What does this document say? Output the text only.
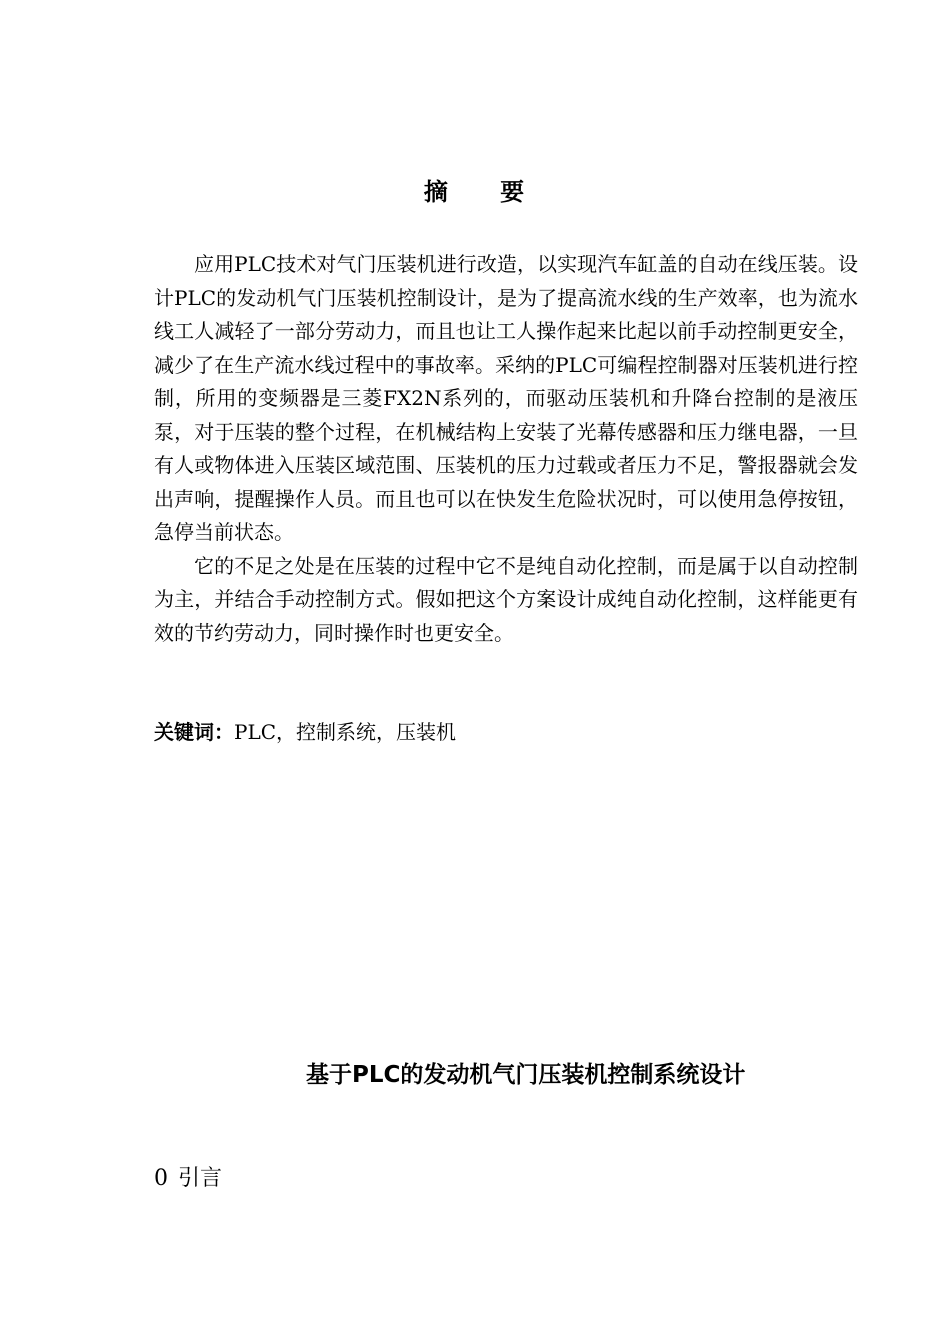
摘 要

应用PLC技术对气门压装机进行改造，以实现汽车缸盖的自动在线压装。设计PLC的发动机气门压装机控制设计，是为了提高流水线的生产效率，也为流水线工人减轻了一部分劳动力，而且也让工人操作起来比起以前手动控制更安全，减少了在生产流水线过程中的事故率。采纳的PLC可编程控制器对压装机进行控制，所用的变频器是三菱FX2N系列的，而驱动压装机和升降台控制的是液压泵，对于压装的整个过程，在机械结构上安装了光幕传感器和压力继电器，一旦有人或物体进入压装区域范围、压装机的压力过载或者压力不足，警报器就会发出声响，提醒操作人员。而且也可以在快发生危险状况时，可以使用急停按钮，急停当前状态。

它的不足之处是在压装的过程中它不是纯自动化控制，而是属于以自动控制为主，并结合手动控制方式。假如把这个方案设计成纯自动化控制，这样能更有效的节约劳动力，同时操作时也更安全。

关键词：PLC，控制系统，压装机
基于PLC的发动机气门压装机控制系统设计
0 引言
